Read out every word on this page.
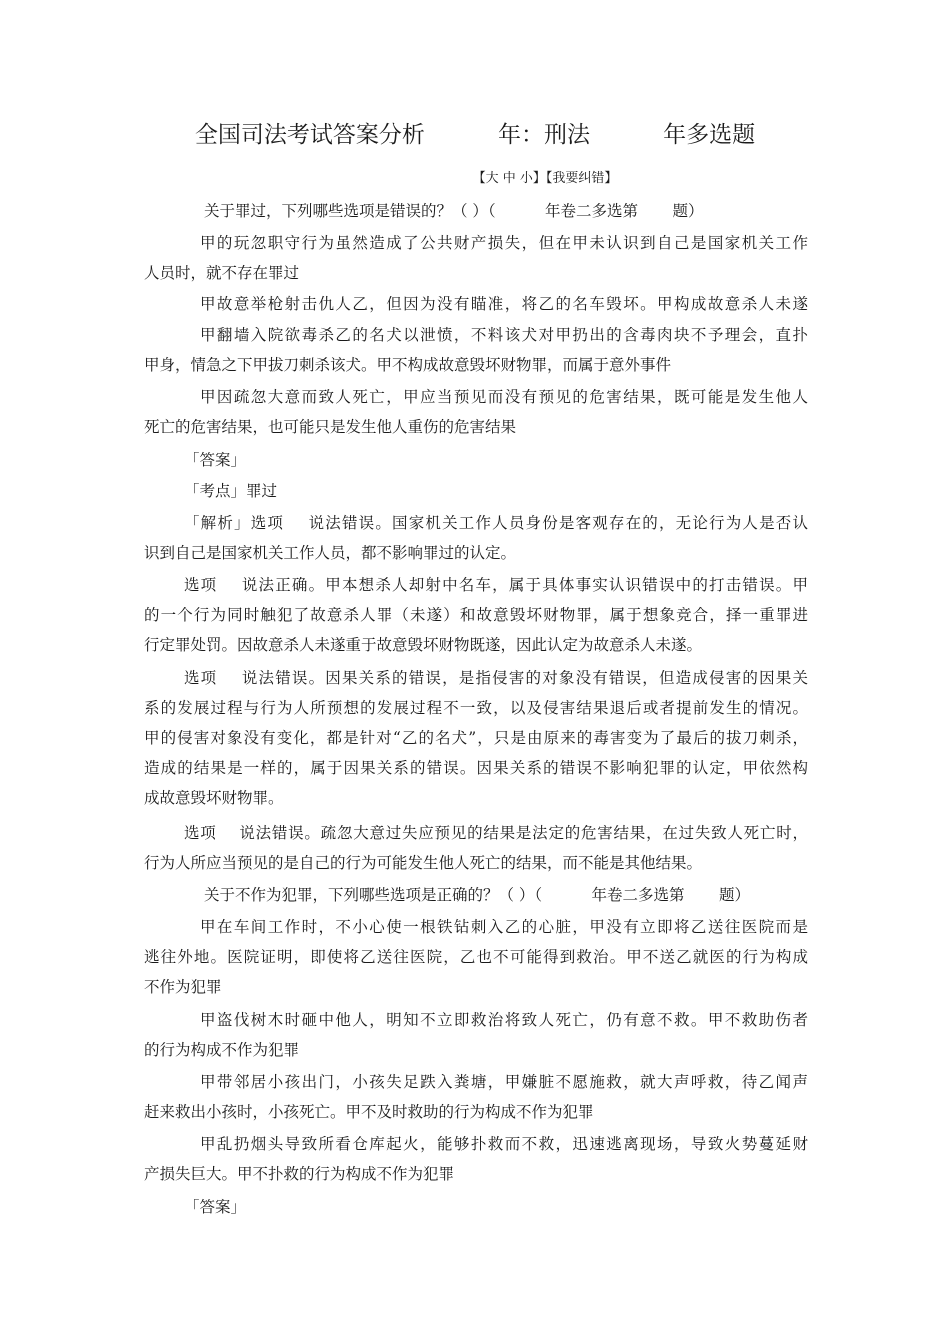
全国司法考试答案分析          年：刑法          年多选题
【大 中 小】【我要纠错】
关于罪过，下列哪些选项是错误的？（ ）（          年卷二多选第       题）
甲的玩忽职守行为虽然造成了公共财产损失，但在甲未认识到自己是国家机关工作
人员时，就不存在罪过
甲故意举枪射击仇人乙，但因为没有瞄准，将乙的名车毁坏。甲构成故意杀人未遂
甲翻墙入院欲毒杀乙的名犬以泄愤，不料该犬对甲扔出的含毒肉块不予理会，直扑
甲身，情急之下甲拔刀刺杀该犬。甲不构成故意毁坏财物罪，而属于意外事件
甲因疏忽大意而致人死亡，甲应当预见而没有预见的危害结果，既可能是发生他人
死亡的危害结果，也可能只是发生他人重伤的危害结果
「答案」
「考点」罪过
「解析」选项    说法错误。国家机关工作人员身份是客观存在的，无论行为人是否认
识到自己是国家机关工作人员，都不影响罪过的认定。
选项    说法正确。甲本想杀人却射中名车，属于具体事实认识错误中的打击错误。甲
的一个行为同时触犯了故意杀人罪（未遂）和故意毁坏财物罪，属于想象竞合，择一重罪进
行定罪处罚。因故意杀人未遂重于故意毁坏财物既遂，因此认定为故意杀人未遂。
选项    说法错误。因果关系的错误，是指侵害的对象没有错误，但造成侵害的因果关
系的发展过程与行为人所预想的发展过程不一致，以及侵害结果退后或者提前发生的情况。
甲的侵害对象没有变化，都是针对“乙的名犬”，只是由原来的毒害变为了最后的拔刀刺杀，
造成的结果是一样的，属于因果关系的错误。因果关系的错误不影响犯罪的认定，甲依然构
成故意毁坏财物罪。
选项    说法错误。疏忽大意过失应预见的结果是法定的危害结果，在过失致人死亡时，
行为人所应当预见的是自己的行为可能发生他人死亡的结果，而不能是其他结果。
关于不作为犯罪，下列哪些选项是正确的？（ ）（          年卷二多选第       题）
甲在车间工作时，不小心使一根铁钻刺入乙的心脏，甲没有立即将乙送往医院而是
逃往外地。医院证明，即使将乙送往医院，乙也不可能得到救治。甲不送乙就医的行为构成
不作为犯罪
甲盗伐树木时砸中他人，明知不立即救治将致人死亡，仍有意不救。甲不救助伤者
的行为构成不作为犯罪
甲带邻居小孩出门，小孩失足跌入粪塘，甲嫌脏不愿施救，就大声呼救，待乙闻声
赶来救出小孩时，小孩死亡。甲不及时救助的行为构成不作为犯罪
甲乱扔烟头导致所看仓库起火，能够扑救而不救，迅速逃离现场，导致火势蔓延财
产损失巨大。甲不扑救的行为构成不作为犯罪
「答案」
